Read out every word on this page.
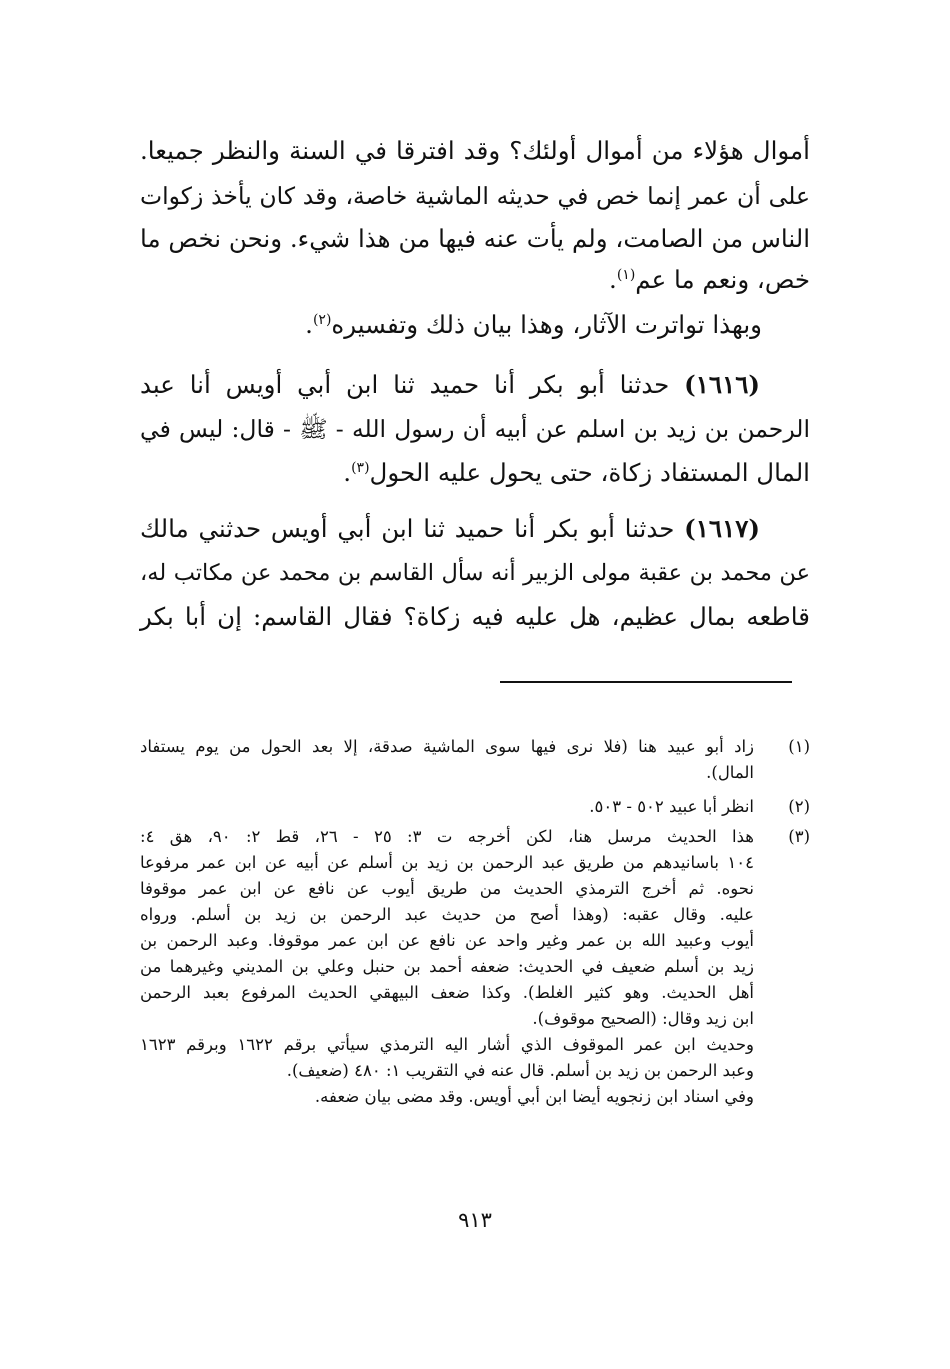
أموال هؤلاء من أموال أولئك؟ وقد افترقا في السنة والنظر جميعا.
على أن عمر إنما خص في حديثه الماشية خاصة، وقد كان يأخذ زكوات
الناس من الصامت، ولم يأت عنه فيها من هذا شيء. ونحن نخص ما
خص، ونعم ما عم$^{(١)}$.
وبهذا تواترت الآثار، وهذا بيان ذلك وتفسيره$^{(٢)}$.
(١٦١٦) حدثنا أبو بكر أنا حميد ثنا ابن أبي أويس أنا عبد
الرحمن بن زيد بن اسلم عن أبيه أن رسول الله - ﷺ - قال: ليس في
المال المستفاد زكاة، حتى يحول عليه الحول$^{(٣)}$.
(١٦١٧) حدثنا أبو بكر أنا حميد ثنا ابن أبي أويس حدثني مالك
عن محمد بن عقبة مولى الزبير أنه سأل القاسم بن محمد عن مكاتب له،
قاطعه بمال عظيم، هل عليه فيه زكاة؟ فقال القاسم: إن أبا بكر
(١)
زاد أبو عبيد هنا (فلا نرى فيها سوى الماشية صدقة، إلا بعد الحول من يوم يستفاد
المال).
(٢)
انظر أبا عبيد ٥٠٢ - ٥٠٣.
(٣)
هذا الحديث مرسل هنا، لكن أخرجه ت ٣: ٢٥ - ٢٦، قط ٢: ٩٠، هق ٤:
١٠٤ باسانيدهم من طريق عبد الرحمن بن زيد بن أسلم عن أبيه عن ابن عمر مرفوعا
نحوه. ثم أخرج الترمذي الحديث من طريق أيوب عن نافع عن ابن عمر موقوفا
عليه. وقال عقبه: (وهذا أصح من حديث عبد الرحمن بن زيد بن أسلم. ورواه
أيوب وعبيد الله بن عمر وغير واحد عن نافع عن ابن عمر موقوفا. وعبد الرحمن بن
زيد بن أسلم ضعيف في الحديث: ضعفه أحمد بن حنبل وعلي بن المديني وغيرهما من
أهل الحديث. وهو كثير الغلط). وكذا ضعف البيهقي الحديث المرفوع بعبد الرحمن
ابن زيد وقال: (الصحيح موقوف).
وحديث ابن عمر الموقوف الذي أشار اليه الترمذي سيأتي برقم ١٦٢٢ وبرقم ١٦٢٣
وعبد الرحمن بن زيد بن أسلم. قال عنه في التقريب ١: ٤٨٠ (ضعيف).
وفي اسناد ابن زنجويه أيضا ابن أبي أويس. وقد مضى بيان ضعفه.
٩١٣
